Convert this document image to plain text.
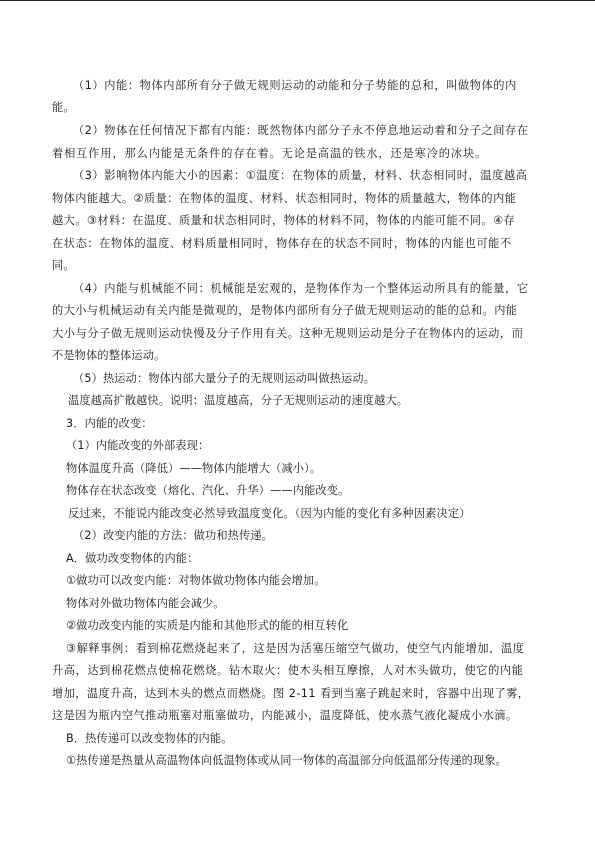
（1）内能：物体内部所有分子做无规则运动的动能和分子势能的总和，叫做物体的内
能。
（2）物体在任何情况下都有内能：既然物体内部分子永不停息地运动着和分子之间存在
着相互作用，那么内能是无条件的存在着。无论是高温的铁水，还是寒冷的冰块。
（3）影响物体内能大小的因素：①温度：在物体的质量，材料、状态相同时，温度越高
物体内能越大。②质量：在物体的温度、材料、状态相同时，物体的质量越大，物体的内能
越大。③材料：在温度、质量和状态相同时，物体的材料不同，物体的内能可能不同。④存
在状态：在物体的温度、材料质量相同时，物体存在的状态不同时，物体的内能也可能不
同。
（4）内能与机械能不同：机械能是宏观的，是物体作为一个整体运动所具有的能量，它
的大小与机械运动有关内能是微观的，是物体内部所有分子做无规则运动的能的总和。内能
大小与分子做无规则运动快慢及分子作用有关。这种无规则运动是分子在物体内的运动，而
不是物体的整体运动。
（5）热运动：物体内部大量分子的无规则运动叫做热运动。
温度越高扩散越快。说明：温度越高，分子无规则运动的速度越大。
3．内能的改变：
（1）内能改变的外部表现：
物体温度升高（降低）——物体内能增大（减小）。
物体存在状态改变（熔化、汽化、升华）——内能改变。
反过来，不能说内能改变必然导致温度变化。（因为内能的变化有多种因素决定）
（2）改变内能的方法：做功和热传递。
A．做功改变物体的内能：
①做功可以改变内能：对物体做功物体内能会增加。
物体对外做功物体内能会减少。
②做功改变内能的实质是内能和其他形式的能的相互转化
③解释事例：看到棉花燃烧起来了，这是因为活塞压缩空气做功，使空气内能增加，温度
升高，达到棉花燃点使棉花燃烧。钻木取火：使木头相互摩擦，人对木头做功，使它的内能
增加，温度升高，达到木头的燃点而燃烧。图 2-11 看到当塞子跳起来时，容器中出现了雾，
这是因为瓶内空气推动瓶塞对瓶塞做功，内能减小，温度降低，使水蒸气液化凝成小水滴。
B．热传递可以改变物体的内能。
①热传递是热量从高温物体向低温物体或从同一物体的高温部分向低温部分传递的现象。
